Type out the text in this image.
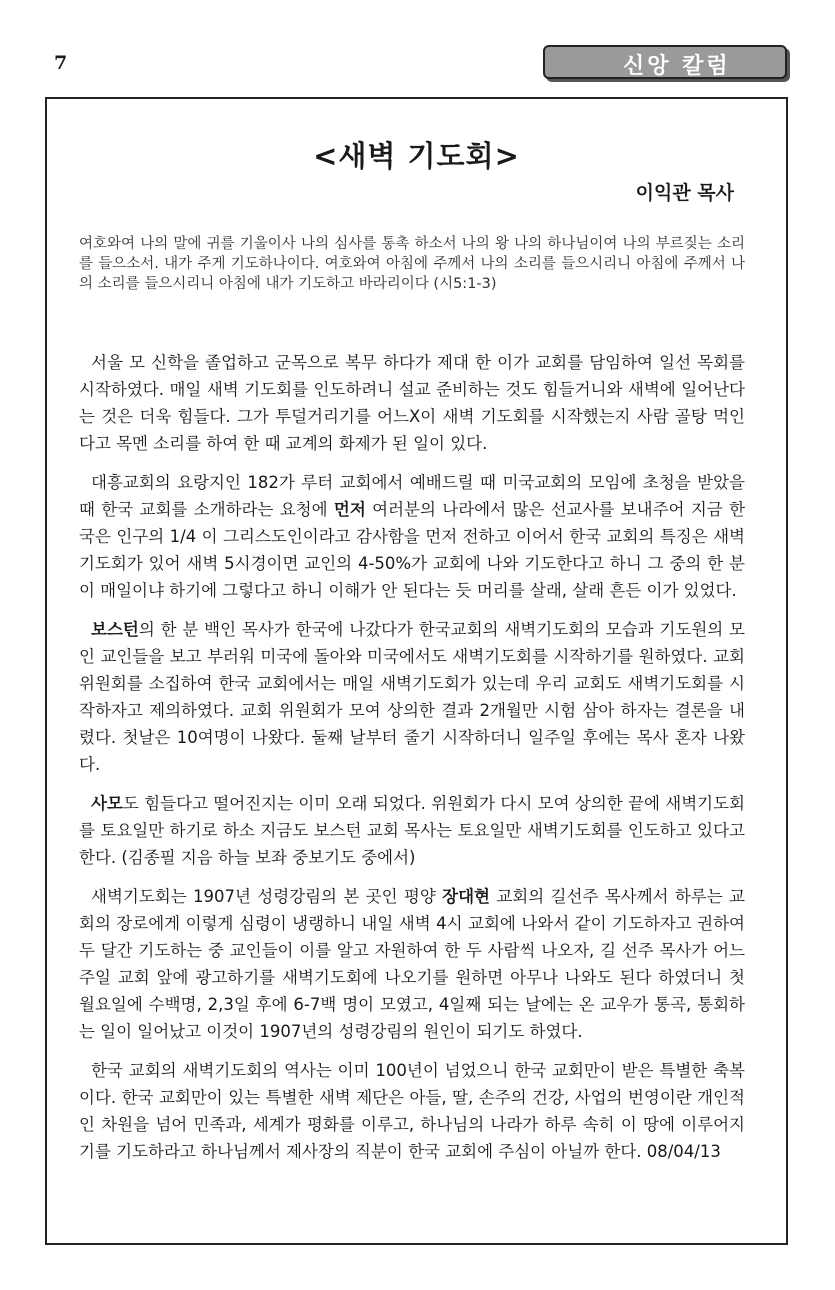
7	신앙 칼럼
<새벽 기도회>
이익관 목사

여호와여 나의 말에 귀를 기울이사 나의 심사를 통촉 하소서 나의 왕 나의 하나님이여 나의 부르짖는 소리를 들으소서. 내가 주게 기도하나이다. 여호와여 아침에 주께서 나의 소리를 들으시리니 아침에 주께서 나의 소리를 들으시리니 아침에 내가 기도하고 바라리이다 (시5:1-3)

서울 모 신학을 졸업하고 군목으로 복무 하다가 제대 한 이가 교회를 담임하여 일선 목회를 시작하였다. 매일 새벽 기도회를 인도하려니 설교 준비하는 것도 힘들거니와 새벽에 일어난다는 것은 더욱 힘들다. 그가 투덜거리기를 어느X이 새벽 기도회를 시작했는지 사람 골탕 먹인다고 목멘 소리를 하여 한 때 교계의 화제가 된 일이 있다.

대흥교회의 요랑지인 182가 루터 교회에서 예배드릴 때 미국교회의 모임에 초청을 받았을 때 한국 교회를 소개하라는 요청에 먼저 여러분의 나라에서 많은 선교사를 보내주어 지금 한국은 인구의 1/4 이 그리스도인이라고 감사함을 먼저 전하고 이어서 한국 교회의 특징은 새벽 기도회가 있어 새벽 5시경이면 교인의 4-50%가 교회에 나와 기도한다고 하니 그 중의 한 분이 매일이냐 하기에 그렇다고 하니 이해가 안 된다는 듯 머리를 살래, 살래 흔든 이가 있었다.

보스턴의 한 분 백인 목사가 한국에 나갔다가 한국교회의 새벽기도회의 모습과 기도원의 모인 교인들을 보고 부러워 미국에 돌아와 미국에서도 새벽기도회를 시작하기를 원하였다. 교회 위원회를 소집하여 한국 교회에서는 매일 새벽기도회가 있는데 우리 교회도 새벽기도회를 시작하자고 제의하였다. 교회 위원회가 모여 상의한 결과 2개월만 시험 삼아 하자는 결론을 내렸다. 첫날은 10여명이 나왔다. 둘째 날부터 줄기 시작하더니 일주일 후에는 목사 혼자 나왔다.

사모도 힘들다고 떨어진지는 이미 오래 되었다. 위원회가 다시 모여 상의한 끝에 새벽기도회를 토요일만 하기로 하소 지금도 보스턴 교회 목사는 토요일만 새벽기도회를 인도하고 있다고 한다. (김종필 지음 하늘 보좌 중보기도 중에서)

새벽기도회는 1907년 성령강림의 본 곳인 평양 장대현 교회의 길선주 목사께서 하루는 교회의 장로에게 이렇게 심령이 냉랭하니 내일 새벽 4시 교회에 나와서 같이 기도하자고 권하여 두 달간 기도하는 중 교인들이 이를 알고 자원하여 한 두 사람씩 나오자, 길 선주 목사가 어느 주일 교회 앞에 광고하기를 새벽기도회에 나오기를 원하면 아무나 나와도 된다 하였더니 첫 월요일에 수백명, 2,3일 후에 6-7백 명이 모였고, 4일째 되는 날에는 온 교우가 통곡, 통회하는 일이 일어났고 이것이 1907년의 성령강림의 원인이 되기도 하였다.

한국 교회의 새벽기도회의 역사는 이미 100년이 넘었으니 한국 교회만이 받은 특별한 축복이다. 한국 교회만이 있는 특별한 새벽 제단은 아들, 딸, 손주의 건강, 사업의 번영이란 개인적인 차원을 넘어 민족과, 세계가 평화를 이루고, 하나님의 나라가 하루 속히 이 땅에 이루어지기를 기도하라고 하나님께서 제사장의 직분이 한국 교회에 주심이 아닐까 한다. 08/04/13
